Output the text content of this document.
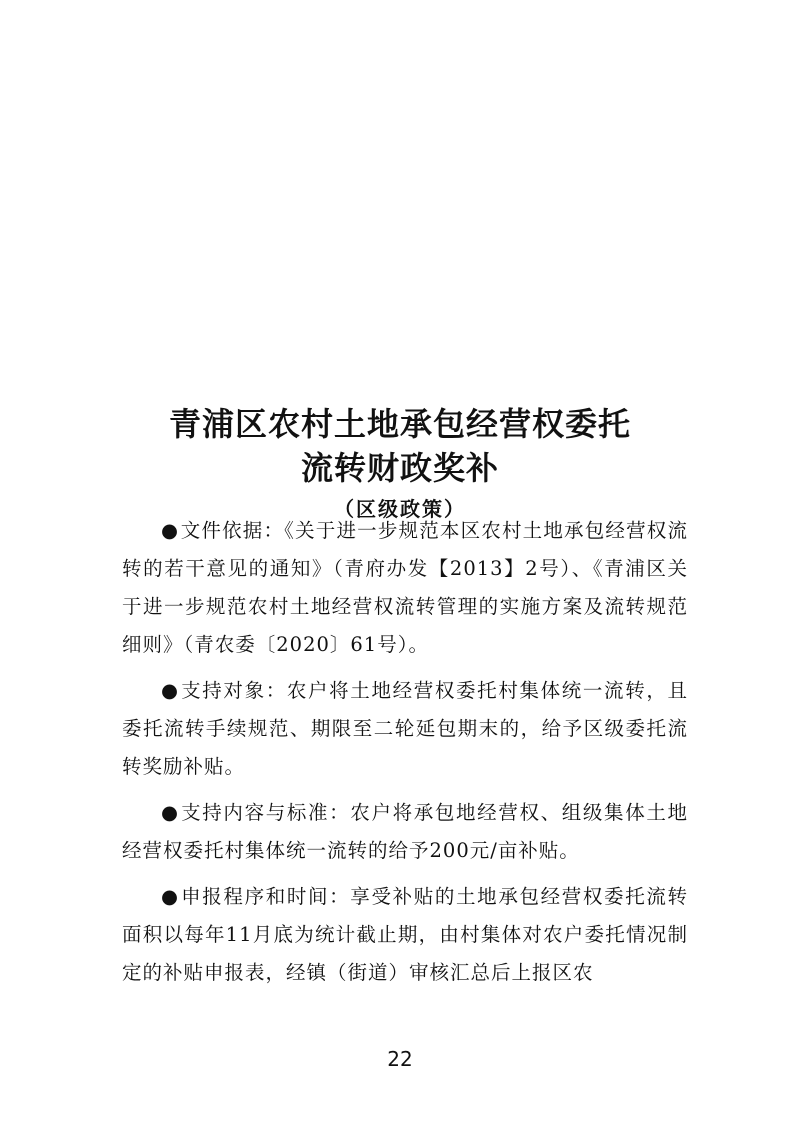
青浦区农村土地承包经营权委托
流转财政奖补
（区级政策）

●文件依据：《关于进一步规范本区农村土地承包经营权流转的若干意见的通知》（青府办发【2013】2号）、《青浦区关于进一步规范农村土地经营权流转管理的实施方案及流转规范细则》（青农委〔2020〕61号）。

●支持对象：农户将土地经营权委托村集体统一流转，且委托流转手续规范、期限至二轮延包期末的，给予区级委托流转奖励补贴。

●支持内容与标准：农户将承包地经营权、组级集体土地经营权委托村集体统一流转的给予200元/亩补贴。

●申报程序和时间：享受补贴的土地承包经营权委托流转面积以每年11月底为统计截止期，由村集体对农户委托情况制定的补贴申报表，经镇（街道）审核汇总后上报区农

22
